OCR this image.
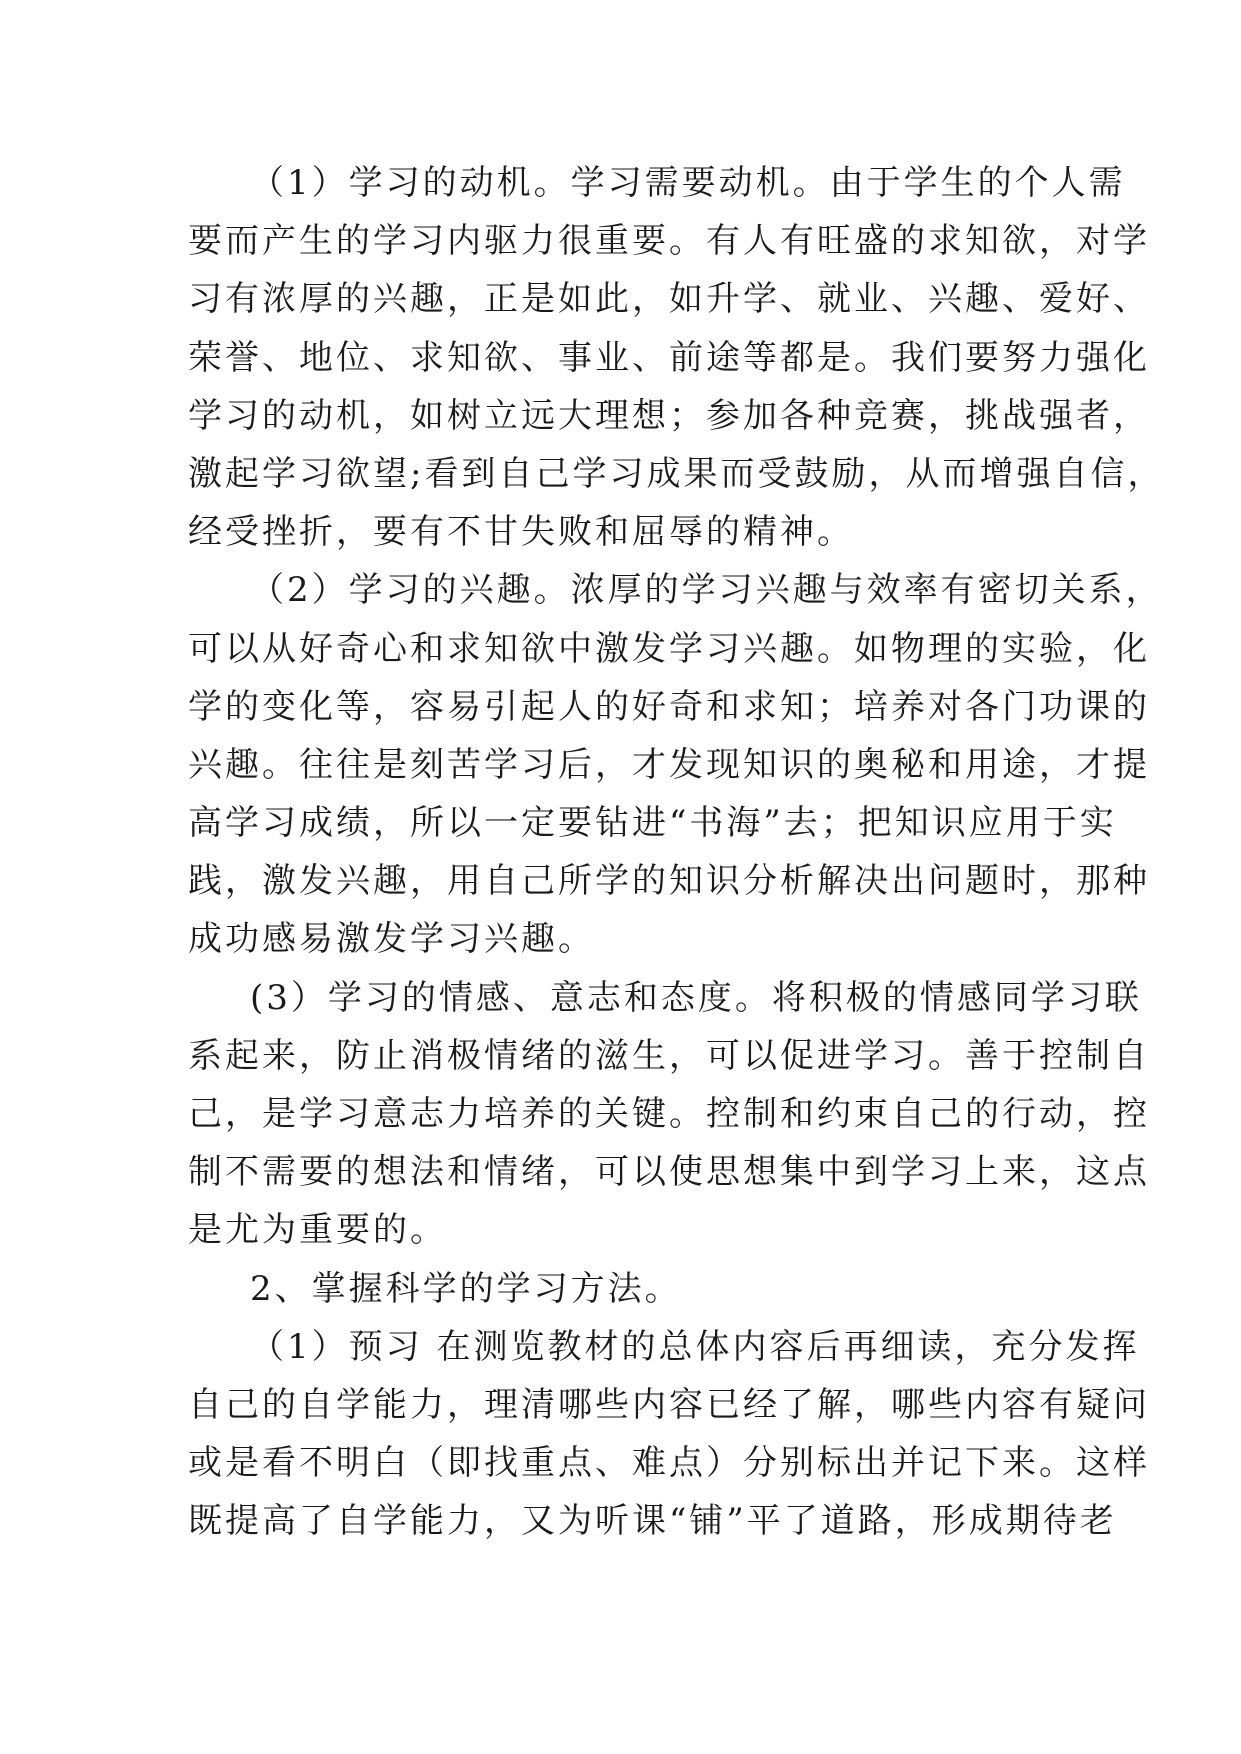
（1）学习的动机。学习需要动机。由于学生的个人需
要而产生的学习内驱力很重要。有人有旺盛的求知欲，对学
习有浓厚的兴趣，正是如此，如升学、就业、兴趣、爱好、
荣誉、地位、求知欲、事业、前途等都是。我们要努力强化
学习的动机，如树立远大理想；参加各种竞赛，挑战强者，
激起学习欲望;看到自己学习成果而受鼓励，从而增强自信，
经受挫折，要有不甘失败和屈辱的精神。
（2）学习的兴趣。浓厚的学习兴趣与效率有密切关系，
可以从好奇心和求知欲中激发学习兴趣。如物理的实验，化
学的变化等，容易引起人的好奇和求知；培养对各门功课的
兴趣。往往是刻苦学习后，才发现知识的奥秘和用途，才提
高学习成绩，所以一定要钻进“书海”去；把知识应用于实
践，激发兴趣，用自己所学的知识分析解决出问题时，那种
成功感易激发学习兴趣。
(3）学习的情感、意志和态度。将积极的情感同学习联
系起来，防止消极情绪的滋生，可以促进学习。善于控制自
己，是学习意志力培养的关键。控制和约束自己的行动，控
制不需要的想法和情绪，可以使思想集中到学习上来，这点
是尤为重要的。
2、掌握科学的学习方法。
（1）预习 在测览教材的总体内容后再细读，充分发挥
自己的自学能力，理清哪些内容已经了解，哪些内容有疑问
或是看不明白（即找重点、难点）分别标出并记下来。这样
既提高了自学能力，又为听课“铺”平了道路，形成期待老
